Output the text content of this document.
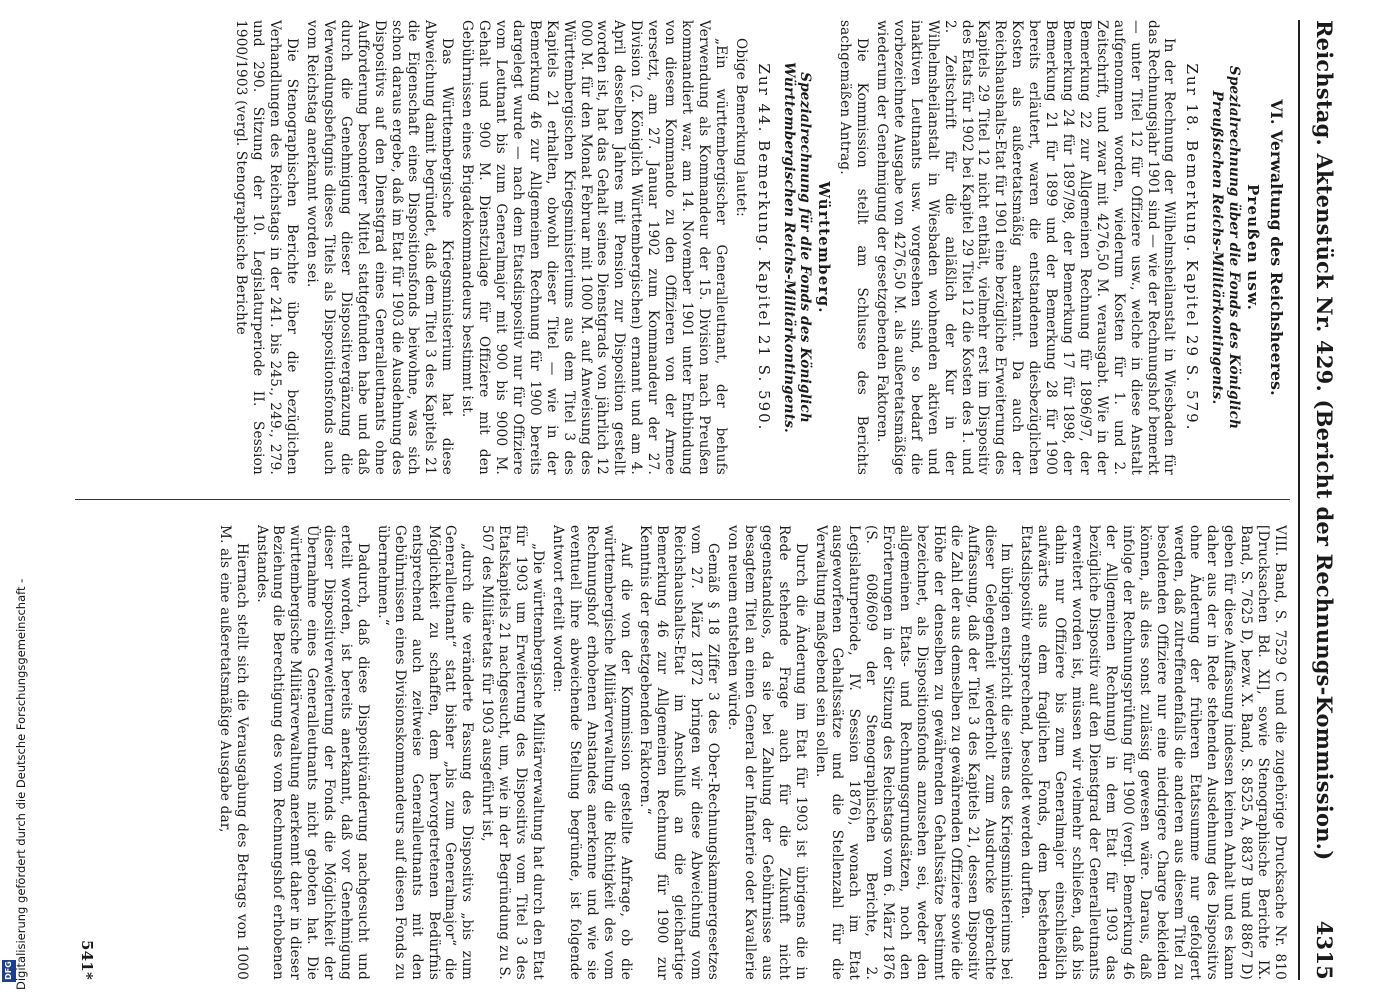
Reichstag. Aktenstück Nr. 429. (Bericht der Rechnungs-Kommission.)
4315
VI. Verwaltung des Reichsheeres.
Preußen usw.
Spezialrechnung über die Fonds des Königlich Preußischen Reichs-Militärkontingents.
Zur 18. Bemerkung. Kapitel 29 S. 579.

In der Rechnung der Wilhelmsheilanstalt in Wiesbaden für das Rechnungsjahr 1901 sind — wie der Rechnungshof bemerkt — unter Titel 12 für Offiziere usw., welche in diese Anstalt aufgenommen worden, wiederum Kosten für 1. und 2. Zeitschrift, und zwar mit 4276,50 M. verausgabt. Wie in der Bemerkung 22 zur Allgemeinen Rechnung für 1896/97, der Bemerkung 24 für 1897/98, der Bemerkung 17 für 1898, der Bemerkung 21 für 1899 und der Bemerkung 28 für 1900 bereits erläutert, waren die entstandenen diesbezüglichen Kosten als außeretatsmäßig anerkannt. Da auch der Reichshaushalts-Etat für 1901 eine bezügliche Erweiterung des Kapitels 29 Titel 12 nicht enthält, vielmehr erst im Dispositiv des Etats für 1902 bei Kapitel 29 Titel 12 die Kosten des 1. und 2. Zeitschrift für die anläßlich der Kur in der Wilhelmsheilanstalt in Wiesbaden wohnenden aktiven und inaktiven Leutnants usw. vorgesehen sind, so bedarf die vorbezeichnete Ausgabe von 4276,50 M. als außeretatsmäßige wiederum der Genehmigung der gesetzgebenden Faktoren.

Die Kommission stellt am Schlusse des Berichts sachgemäßen Antrag.

Württemberg.
Spezialrechnung für die Fonds des Königlich Württembergischen Reichs-Militärkontingents.
Zur 44. Bemerkung. Kapitel 21 S. 590.

Obige Bemerkung lautet:

„Ein württembergischer Generalleutnant, der behufs Verwendung als Kommandeur der 15. Division nach Preußen kommandiert war, am 14. November 1901 unter Entbindung von diesem Kommando zu den Offizieren von der Armee versetzt, am 27. Januar 1902 zum Kommandeur der 27. Division (2. Königlich Württembergischen) ernannt und am 4. April desselben Jahres mit Pension zur Disposition gestellt worden ist, hat das Gehalt seines Dienstgrads von jährlich 12 000 M. für den Monat Februar mit 1000 M. auf Anweisung des Württembergischen Kriegsministeriums aus dem Titel 3 des Kapitels 21 erhalten, obwohl dieser Titel — wie in der Bemerkung 46 zur Allgemeinen Rechnung für 1900 bereits dargelegt wurde — nach dem Etatsdispositiv nur für Offiziere vom Leutnant bis zum Generalmajor mit 900 bis 9000 M. Gehalt und 900 M. Dienstzulage für Offiziere mit den Gebührnissen eines Brigadekommandeurs bestimmt ist.

Das Württembergische Kriegsministerium hat diese Abweichung damit begründet, daß dem Titel 3 des Kapitels 21 die Eigenschaft eines Dispositionsfonds beiwohne, was sich schon daraus ergebe, daß im Etat für 1903 die Ausdehnung des Dispositivs auf den Dienstgrad eines Generalleutnants ohne Aufforderung besonderer Mittel stattgefunden habe und daß durch die Genehmigung dieser Dispositivergänzung die Verwendungsbefugnis dieses Titels als Dispositionsfonds auch vom Reichstag anerkannt worden sei.

Die Stenographischen Berichte über die bezüglichen Verhandlungen des Reichstags in der 241. bis 245., 249., 279. und 290. Sitzung der 10. Legislaturperiode II. Session 1900/1903 (vergl. Stenographische Berichte

VIII. Band, S. 7529 C und die zugehörige Drucksache Nr. 810 [Drucksachen Bd. XI], sowie Stenographische Berichte IX. Band, S. 7625 D, bezw. X. Band, S. 8525 A, 8837 B und 8867 D) geben für diese Auffassung indessen keinen Anhalt und es kann daher aus der in Rede stehenden Ausdehnung des Dispositivs ohne Änderung der früheren Etatssumme nur gefolgert werden, daß zutreffendenfalls die anderen aus diesem Titel zu besoldenden Offiziere nur eine niedrigere Charge bekleiden können, als dies sonst zulässig gewesen wäre. Daraus, daß infolge der Rechnungsprüfung für 1900 (vergl. Bemerkung 46 der Allgemeinen Rechnung) in dem Etat für 1903 das bezügliche Dispositiv auf den Dienstgrad der Generalleutnants erweitert worden ist, müssen wir vielmehr schließen, daß bis dahin nur Offiziere bis zum Generalmajor einschließlich aufwärts aus dem fraglichen Fonds, dem bestehenden Etatsdispositiv entsprechend, besoldet werden durften.

Im übrigen entspricht die seitens des Kriegsministeriums bei dieser Gelegenheit wiederholt zum Ausdrucke gebrachte Auffassung, daß der Titel 3 des Kapitels 21, dessen Dispositiv die Zahl der aus demselben zu gewährenden Offiziere sowie die Höhe der denselben zu gewährenden Gehaltssätze bestimmt bezeichnet, als Dispositionsfonds anzusehen sei, weder den allgemeinen Etats- und Rechnungsgrundsätzen, noch den Erörterungen in der Sitzung des Reichstags vom 6. März 1876 (S. 608/609 der Stenographischen Berichte, 2. Legislaturperiode, IV. Session 1876), wonach im Etat ausgeworfenen Gehaltssätze und die Stellenzahl für die Verwaltung maßgebend sein sollen.

Durch die Änderung im Etat für 1903 ist übrigens die in Rede stehende Frage auch für die Zukunft nicht gegenstandslos, da sie bei Zahlung der Gebührnisse aus besagtem Titel an einen General der Infanterie oder Kavallerie von neuem entstehen würde.

Gemäß § 18 Ziffer 3 des Ober-Rechnungskammergesetzes vom 27. März 1872 bringen wir diese Abweichung vom Reichshaushalts-Etat im Anschluß an die gleichartige Bemerkung 46 zur Allgemeinen Rechnung für 1900 zur Kenntnis der gesetzgebenden Faktoren.“

Auf die von der Kommission gestellte Anfrage, ob die württembergische Militärverwaltung die Richtigkeit des vom Rechnungshof erhobenen Anstandes anerkenne und wie sie eventuell ihre abweichende Stellung begründe, ist folgende Antwort erteilt worden:

„Die württembergische Militärverwaltung hat durch den Etat für 1903 um Erweiterung des Dispositivs vom Titel 3 des Etatskapitels 21 nachgesucht, um, wie in der Begründung zu S. 507 des Militäretats für 1903 ausgeführt ist,

„durch die veränderte Fassung des Dispositivs „bis zum Generalleutnant“ statt bisher „bis zum Generalmajor“ die Möglichkeit zu schaffen, dem hervorgetretenen Bedürfnis entsprechend auch zeitweise Generalleutnants mit den Gebührnissen eines Divisionskommandeurs auf diesen Fonds zu übernehmen.“

Dadurch, daß diese Dispositivänderung nachgesucht und erteilt worden, ist bereits anerkannt, daß vor Genehmigung dieser Dispositiverweiterung der Fonds die Möglichkeit der Übernahme eines Generalleutnants nicht geboten hat. Die württembergische Militärverwaltung anerkennt daher in dieser Beziehung die Berechtigung des vom Rechnungshof erhobenen Anstandes.

Hiernach stellt sich die Verausgabung des Betrags von 1000 M. als eine außeretatsmäßige Ausgabe dar,

541*
DFG Digitalisierung gefördert durch die Deutsche Forschungsgemeinschaft -
